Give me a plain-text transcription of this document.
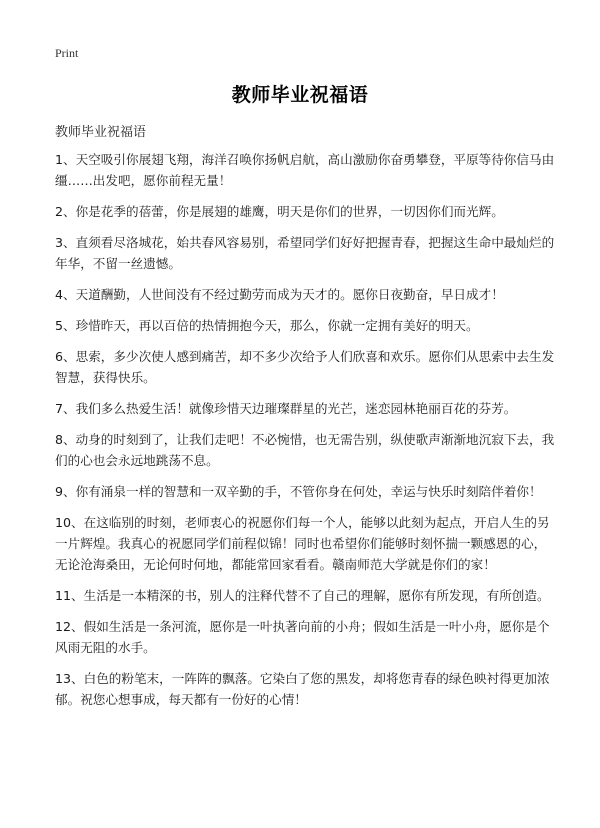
Print
教师毕业祝福语
教师毕业祝福语
1、天空吸引你展翅飞翔，海洋召唤你扬帆启航，高山激励你奋勇攀登，平原等待你信马由缰……出发吧，愿你前程无量！
2、你是花季的蓓蕾，你是展翅的雄鹰，明天是你们的世界，一切因你们而光辉。
3、直须看尽洛城花，始共春风容易别，希望同学们好好把握青春，把握这生命中最灿烂的年华，不留一丝遗憾。
4、天道酬勤，人世间没有不经过勤劳而成为天才的。愿你日夜勤奋，早日成才！
5、珍惜昨天，再以百倍的热情拥抱今天，那么，你就一定拥有美好的明天。
6、思索，多少次使人感到痛苦，却不多少次给予人们欣喜和欢乐。愿你们从思索中去生发智慧，获得快乐。
7、我们多么热爱生活！就像珍惜天边璀璨群星的光芒，迷恋园林艳丽百花的芬芳。
8、动身的时刻到了，让我们走吧！不必惋惜，也无需告别，纵使歌声渐渐地沉寂下去，我们的心也会永远地跳荡不息。
9、你有涌泉一样的智慧和一双辛勤的手，不管你身在何处，幸运与快乐时刻陪伴着你！
10、在这临别的时刻，老师衷心的祝愿你们每一个人，能够以此刻为起点，开启人生的另一片辉煌。我真心的祝愿同学们前程似锦！同时也希望你们能够时刻怀揣一颗感恩的心，无论沧海桑田，无论何时何地，都能常回家看看。赣南师范大学就是你们的家！
11、生活是一本精深的书，别人的注释代替不了自己的理解，愿你有所发现，有所创造。
12、假如生活是一条河流，愿你是一叶执著向前的小舟；假如生活是一叶小舟，愿你是个风雨无阻的水手。
13、白色的粉笔末，一阵阵的飘落。它染白了您的黑发，却将您青春的绿色映衬得更加浓郁。祝您心想事成，每天都有一份好的心情！
